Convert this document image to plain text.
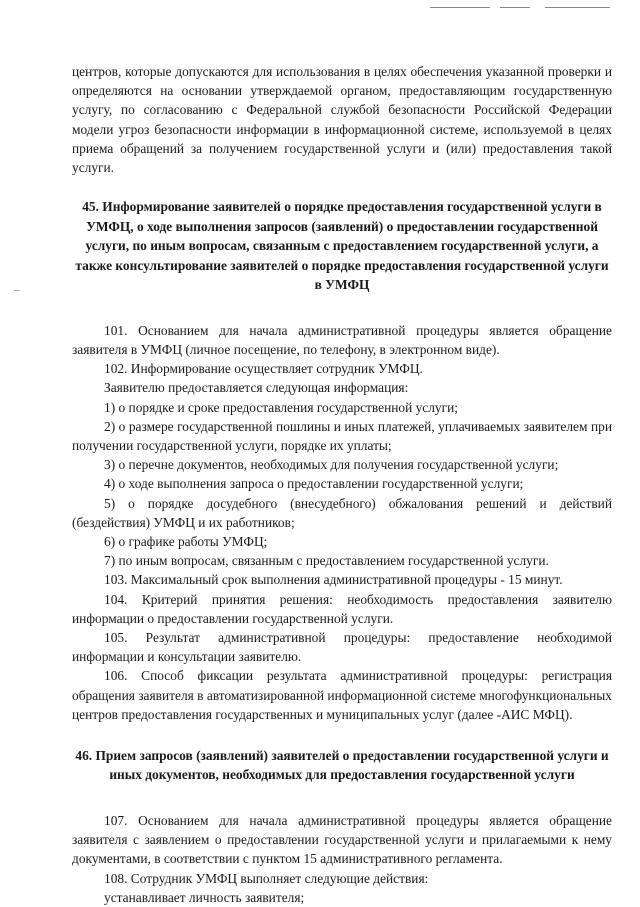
центров, которые допускаются для использования в целях обеспечения указанной проверки и определяются на основании утверждаемой органом, предоставляющим государственную услугу, по согласованию с Федеральной службой безопасности Российской Федерации модели угроз безопасности информации в информационной системе, используемой в целях приема обращений за получением государственной услуги и (или) предоставления такой услуги.

45. Информирование заявителей о порядке предоставления государственной услуги в УМФЦ, о ходе выполнения запросов (заявлений) о предоставлении государственной услуги, по иным вопросам, связанным с предоставлением государственной услуги, а также консультирование заявителей о порядке предоставления государственной услуги в УМФЦ

101. Основанием для начала административной процедуры является обращение заявителя в УМФЦ (личное посещение, по телефону, в электронном виде).

102. Информирование осуществляет сотрудник УМФЦ.

Заявителю предоставляется следующая информация:

1) о порядке и сроке предоставления государственной услуги;

2) о размере государственной пошлины и иных платежей, уплачиваемых заявителем при получении государственной услуги, порядке их уплаты;

3) о перечне документов, необходимых для получения государственной услуги;

4) о ходе выполнения запроса о предоставлении государственной услуги;

5) о порядке досудебного (внесудебного) обжалования решений и действий (бездействия) УМФЦ и их работников;

6) о графике работы УМФЦ;

7) по иным вопросам, связанным с предоставлением государственной услуги.

103. Максимальный срок выполнения административной процедуры - 15 минут.

104. Критерий принятия решения: необходимость предоставления заявителю информации о предоставлении государственной услуги.

105. Результат административной процедуры: предоставление необходимой информации и консультации заявителю.

106. Способ фиксации результата административной процедуры: регистрация обращения заявителя в автоматизированной информационной системе многофункциональных центров предоставления государственных и муниципальных услуг (далее -АИС МФЦ).

46. Прием запросов (заявлений) заявителей о предоставлении государственной услуги и иных документов, необходимых для предоставления государственной услуги

107. Основанием для начала административной процедуры является обращение заявителя с заявлением о предоставлении государственной услуги и прилагаемыми к нему документами, в соответствии с пунктом 15 административного регламента.

108. Сотрудник УМФЦ выполняет следующие действия:

устанавливает личность заявителя;
